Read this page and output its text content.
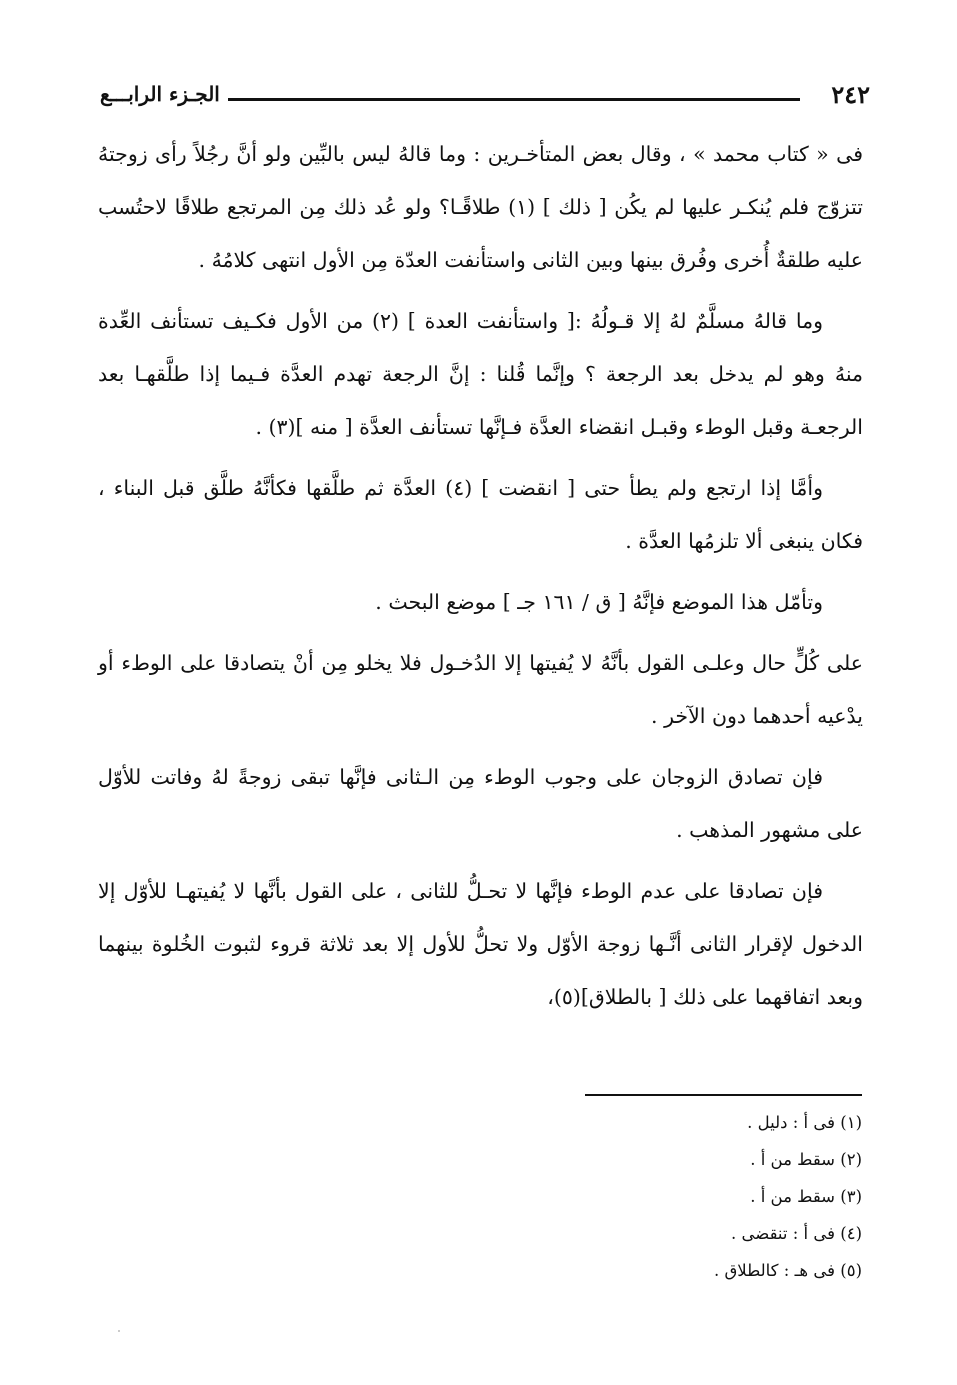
٢٤٢
الجـزء الرابـــع

فى « كتاب محمد » ، وقال بعض المتأخـرين : وما قالهُ ليس بالبِّين ولو أنَّ رجُلاً رأى زوجتهُ تتزوّج فلم يُنكـر عليها لم يكُن [ ذلك ] (١) طلاقًـا؟ ولو عُد ذلك مِن المرتجع طلاقًا لاحتُسب عليه طلقةٌ أُخرى وفُرق بينها وبين الثانى واستأنفت العدّة مِن الأول انتهى كلامُهُ .

وما قالهُ مسلَّمٌ لهُ إلا قـولُهُ :[ واستأنفت العدة ] (٢) من الأول فكـيف تستأنف العِّدة منهُ وهو لم يدخل بعد الرجعة ؟ وإنَّما قُلنا : إنَّ الرجعة تهدم العدَّة فـيما إذا طلَّقهـا بعد الرجعـة وقبل الوطء وقبـل انقضاء العدَّة فـإنَّها تستأنف العدَّة [ منه ](٣) .

وأمَّا إذا ارتجع ولم يطأ حتى [ انقضت ] (٤) العدَّة ثم طلَّقها فكأنَّهُ طلَّق قبل البناء ، فكان ينبغى ألا تلزمُها العدَّة .

وتأمّل هذا الموضع فإنَّهُ [ ق / ١٦١ جـ ] موضع البحث .

على كُلٍّ حال وعلـى القول بأنَّهُ لا يُفيتها إلا الدُخـول فلا يخلو مِن أنْ يتصادقا على الوطء أو يدْعيه أحدهما دون الآخر .

فإن تصادق الزوجان على وجوب الوطء مِن الـثانى فإنَّها تبقى زوجةً لهُ وفاتت للأوّل على مشهور المذهب .

فإن تصادقا على عدم الوطء فإنَّها لا تحـلُّ للثانى ، على القول بأنَّها لا يُفيتهـا للأوّل إلا الدخول لإقرار الثانى أنَّـها زوجة الأوّل ولا تحلُّ للأول إلا بعد ثلاثة قروء لثبوت الخُلوة بينهما وبعد اتفاقهما على ذلك [ بالطلاق](٥)،

(١) فى أ : دليل .
(٢) سقط من أ .
(٣) سقط من أ .
(٤) فى أ : تنقضى .
(٥) فى هـ : كالطلاق .
